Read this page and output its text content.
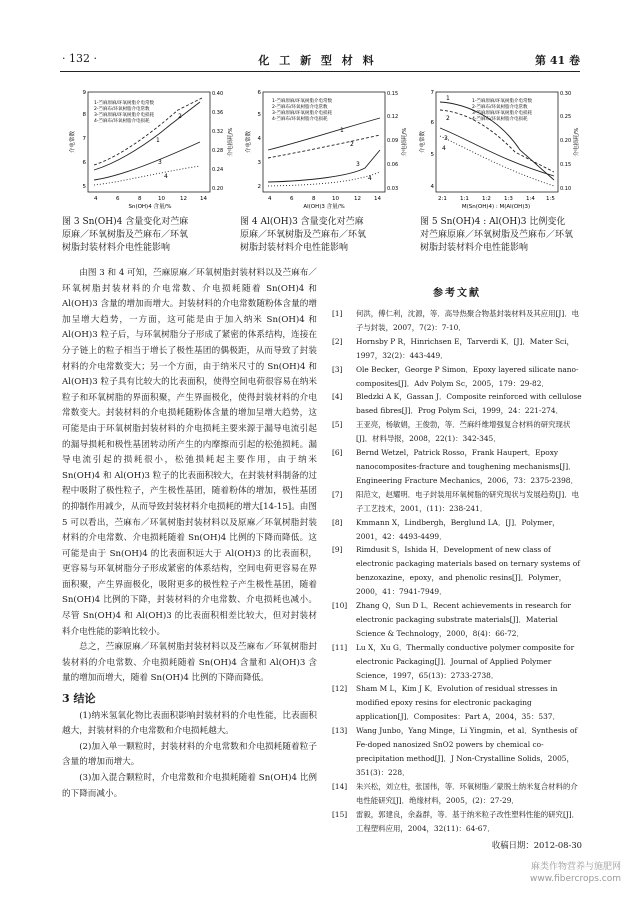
· 132 ·	化 工 新 型 材 料	第 41 卷
1-苎麻原麻/环氧树脂介电常数
2-苎麻布/环氧树脂介电常数
3-苎麻原麻/环氧树脂介电损耗
4-苎麻布/环氧树脂介电损耗
1
2
3
4
4	6	8	10	12 14
5
6
7
8
9
0.20
0.24
0.28
0.32
0.36
0.40
Sn(OH)4 含量/%
介电常数	介电损耗/%
1-苎麻原麻/环氧树脂介电常数
2-苎麻布/环氧树脂介电常数
3-苎麻原麻/环氧树脂介电损耗
4-苎麻布/环氧树脂介电损耗
1
2
3
4
4	6	8	10	12 14
2
3
4
5
6
0.03
0.06
0.09
0.12
0.15
Al(OH)3 含量/%
介电常数	介电损耗/%
1-苎麻原麻/环氧树脂介电常数
2-苎麻布/环氧树脂介电常数
3-苎麻原麻/环氧树脂介电损耗
4-苎麻布/环氧树脂介电损耗
1
2
3
4
2:1 1:1 1:2 1:3 1:4 1:5
4
5
6
7
0.10
0.15
0.20
0.25
0.30
M(Sn(OH)4) : M(Al(OH)3)
介电常数	介电损耗/%
图 3 Sn(OH)4 含量变化对苎麻
原麻／环氧树脂及苎麻布／环氧
树脂封装材料介电性能影响
图 4 Al(OH)3 含量变化对苎麻
原麻／环氧树脂及苎麻布／环氧
树脂封装材料介电性能影响
图 5 Sn(OH)4 : Al(OH)3 比例变化
对苎麻原麻／环氧树脂及苎麻布／环氧
树脂封装材料介电性能影响

由图 3 和 4 可知，苎麻原麻／环氧树脂封装材料以及苎麻布／环氧树脂封装材料的介电常数、介电损耗随着 Sn(OH)4 和 Al(OH)3 含量的增加而增大。封装材料的介电常数随粉体含量的增加呈增大趋势，一方面，这可能是由于加入纳米 Sn(OH)4 和 Al(OH)3 粒子后，与环氧树脂分子形成了紧密的体系结构，连接在分子链上的粒子相当于增长了极性基团的偶极距，从而导致了封装材料的介电常数变大；另一个方面，由于纳米尺寸的 Sn(OH)4 和 Al(OH)3 粒子具有比较大的比表面积，使得空间电荷很容易在纳米粒子和环氧树脂的界面积聚，产生界面极化，使得封装材料的介电常数变大。封装材料的介电损耗随粉体含量的增加呈增大趋势，这可能是由于环氧树脂封装材料的介电损耗主要来源于漏导电流引起的漏导损耗和极性基团转动所产生的内摩擦而引起的松弛损耗。漏导电流引起的损耗很小，松弛损耗起主要作用，由于纳米 Sn(OH)4 和 Al(OH)3 粒子的比表面积较大，在封装材料制备的过程中吸附了极性粒子，产生极性基团，随着粉体的增加，极性基团的抑制作用减少，从而导致封装材料介电损耗的增大[14-15]。由图 5 可以看出，苎麻布／环氧树脂封装材料以及原麻／环氧树脂封装材料的介电常数、介电损耗随着 Sn(OH)4 比例的下降而降低。这可能是由于 Sn(OH)4 的比表面积远大于 Al(OH)3 的比表面积，更容易与环氧树脂分子形成紧密的体系结构，空间电荷更容易在界面积聚，产生界面极化，吸附更多的极性粒子产生极性基团，随着 Sn(OH)4 比例的下降，封装材料的介电常数、介电损耗也减小。尽管 Sn(OH)4 和 Al(OH)3 的比表面积相差比较大，但对封装材料介电性能的影响比较小。

总之，苎麻原麻／环氧树脂封装材料以及苎麻布／环氧树脂封装材料的介电常数、介电损耗随着 Sn(OH)4 含量和 Al(OH)3 含量的增加而增大，随着 Sn(OH)4 比例的下降而降低。

3 结论

(1)纳米氢氧化物比表面积影响封装材料的介电性能，比表面积越大，封装材料的介电常数和介电损耗越大。

(2)加入单一颗粒时，封装材料的介电常数和介电损耗随着粒子含量的增加而增大。

(3)加入混合颗粒时，介电常数和介电损耗随着 Sn(OH)4 比例的下降而减小。

参考文献
[1]	何洪，傅仁利，沈源，等．高导热聚合物基封装材料及其应用[J]．电子与封装，2007，7(2)：7-10．
[2]	Hornsby P R，Hinrichsen E，Tarverdi K．[J]．Mater Sci，1997，32(2)：443-449．
[3]	Ole Becker，George P Simon．Epoxy layered silicate nano-composites[J]．Adv Polym Sc，2005，179：29-82．
[4]	Bledzki A K，Gassan J．Composite reinforced with cellulose based fibres[J]．Prog Polym Sci，1999，24：221-274．
[5]	王亚亮，杨敏娟，王俊勃，等．苎麻纤维增强复合材料的研究现状[J]．材料导报，2008，22(1)：342-345．
[6]	Bernd Wetzel，Patrick Rosso，Frank Haupert．Epoxy nanocomposites-fracture and toughening mechanisms[J]．Engineering Fracture Mechanics，2006，73：2375-2398．
[7]	阳范文，赵耀明．电子封装用环氧树脂的研究现状与发展趋势[J]．电子工艺技术，2001，(11)：238-241．
[8]	Kmmann X，Lindbergh，Berglund LA．[J]．Polymer，2001，42：4493-4499．
[9]	Rimdusit S，Ishida H．Development of new class of electronic packaging materials based on ternary systems of benzoxazine，epoxy，and phenolic resins[J]．Polymer，2000，41：7941-7949．
[10]	Zhang Q，Sun D L．Recent achievements in research for electronic packaging substrate materials[J]．Material Science & Technology，2000，8(4)：66-72．
[11]	Lu X，Xu G．Thermally conductive polymer composite for electronic Packaging[J]．Journal of Applied Polymer Science，1997，65(13)：2733-2738．
[12]	Sham M L，Kim J K．Evolution of residual stresses in modified epoxy resins for electronic packaging application[J]．Composites：Part A，2004，35：537．
[13]	Wang Junbo，Yang Minge，Li Yingmin，et al．Synthesis of Fe-doped nanosized SnO2 powers by chemical co-precipitation method[J]．J Non-Crystalline Solids，2005，351(3)：228．
[14]	朱兴松，刘立柱，张国伟，等．环氧树脂／蒙脱土纳米复合材料的介电性能研究[J]．绝缘材料，2005，(2)：27-29．
[15]	雷毅，郭建良，余淼群，等．基于纳米粒子改性塑料性能的研究[J]．工程塑料应用，2004，32(11)：64-67．
收稿日期：2012-08-30
麻类作物营养与施肥网
www.fibercrops.com
